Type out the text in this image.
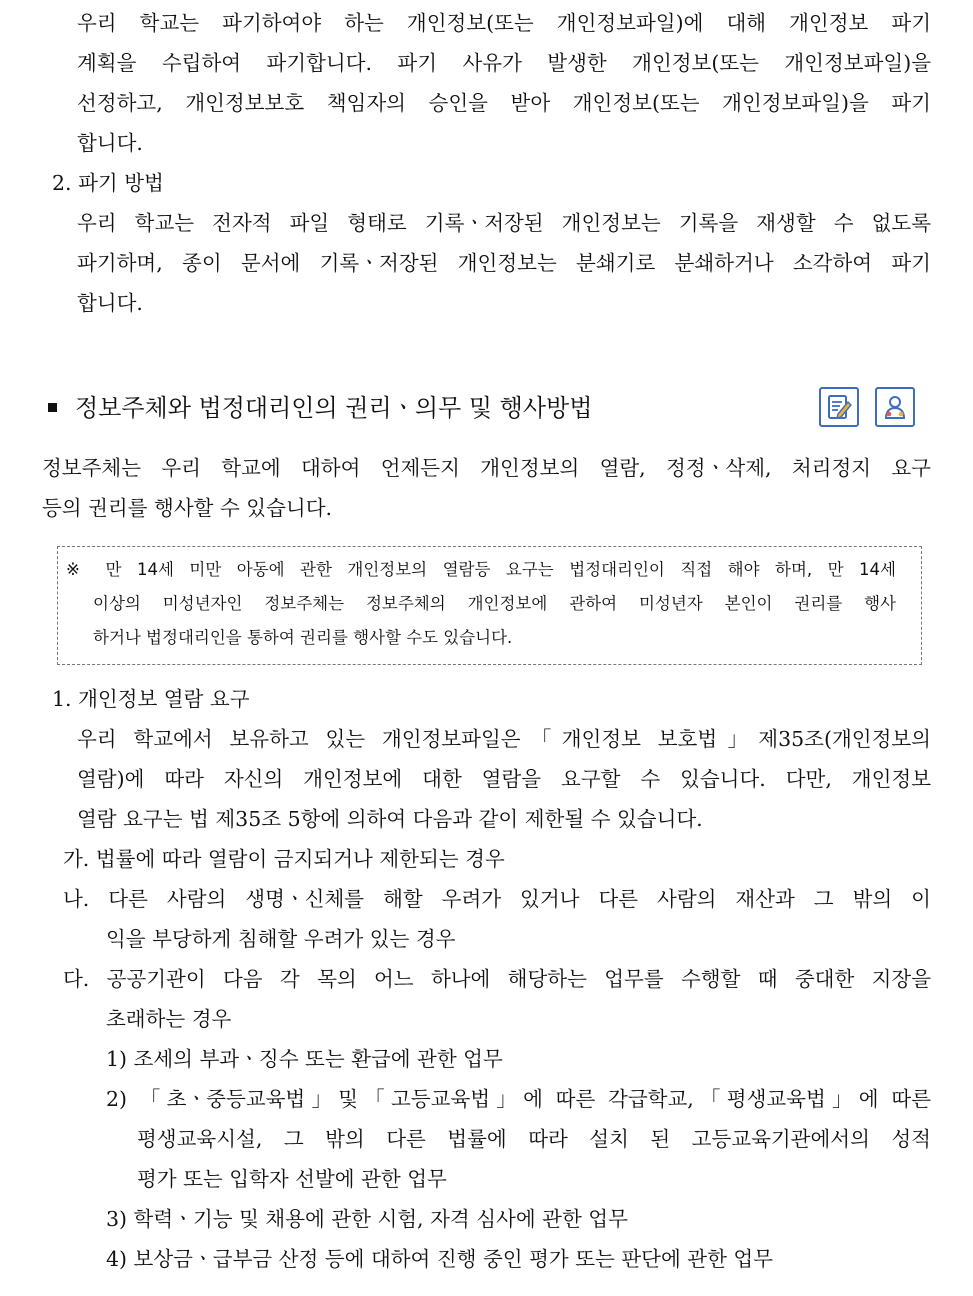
우리 학교는 파기하여야 하는 개인정보(또는 개인정보파일)에 대해 개인정보 파기
계획을 수립하여 파기합니다. 파기 사유가 발생한 개인정보(또는 개인정보파일)을
선정하고, 개인정보보호 책임자의 승인을 받아 개인정보(또는 개인정보파일)을 파기
합니다.
2. 파기 방법
우리 학교는 전자적 파일 형태로 기록ㆍ저장된 개인정보는 기록을 재생할 수 없도록
파기하며, 종이 문서에 기록ㆍ저장된 개인정보는 분쇄기로 분쇄하거나 소각하여 파기
합니다.
정보주체와 법정대리인의 권리ㆍ의무 및 행사방법
정보주체는 우리 학교에 대하여 언제든지 개인정보의 열람, 정정ㆍ삭제, 처리정지 요구
등의 권리를 행사할 수 있습니다.
※ 만 14세 미만 아동에 관한 개인정보의 열람등 요구는 법정대리인이 직접 해야 하며, 만 14세
이상의 미성년자인 정보주체는 정보주체의 개인정보에 관하여 미성년자 본인이 권리를 행사
하거나 법정대리인을 통하여 권리를 행사할 수도 있습니다.
1. 개인정보 열람 요구
우리 학교에서 보유하고 있는 개인정보파일은「개인정보 보호법」제35조(개인정보의
열람)에 따라 자신의 개인정보에 대한 열람을 요구할 수 있습니다. 다만, 개인정보
열람 요구는 법 제35조 5항에 의하여 다음과 같이 제한될 수 있습니다.
가. 법률에 따라 열람이 금지되거나 제한되는 경우
나. 다른 사람의 생명ㆍ신체를 해할 우려가 있거나 다른 사람의 재산과 그 밖의 이
익을 부당하게 침해할 우려가 있는 경우
다. 공공기관이 다음 각 목의 어느 하나에 해당하는 업무를 수행할 때 중대한 지장을
초래하는 경우
1) 조세의 부과ㆍ징수 또는 환급에 관한 업무
2) 「초ㆍ중등교육법」및「고등교육법」에 따른 각급학교,「평생교육법」에 따른
평생교육시설, 그 밖의 다른 법률에 따라 설치 된 고등교육기관에서의 성적
평가 또는 입학자 선발에 관한 업무
3) 학력ㆍ기능 및 채용에 관한 시험, 자격 심사에 관한 업무
4) 보상금ㆍ급부금 산정 등에 대하여 진행 중인 평가 또는 판단에 관한 업무
